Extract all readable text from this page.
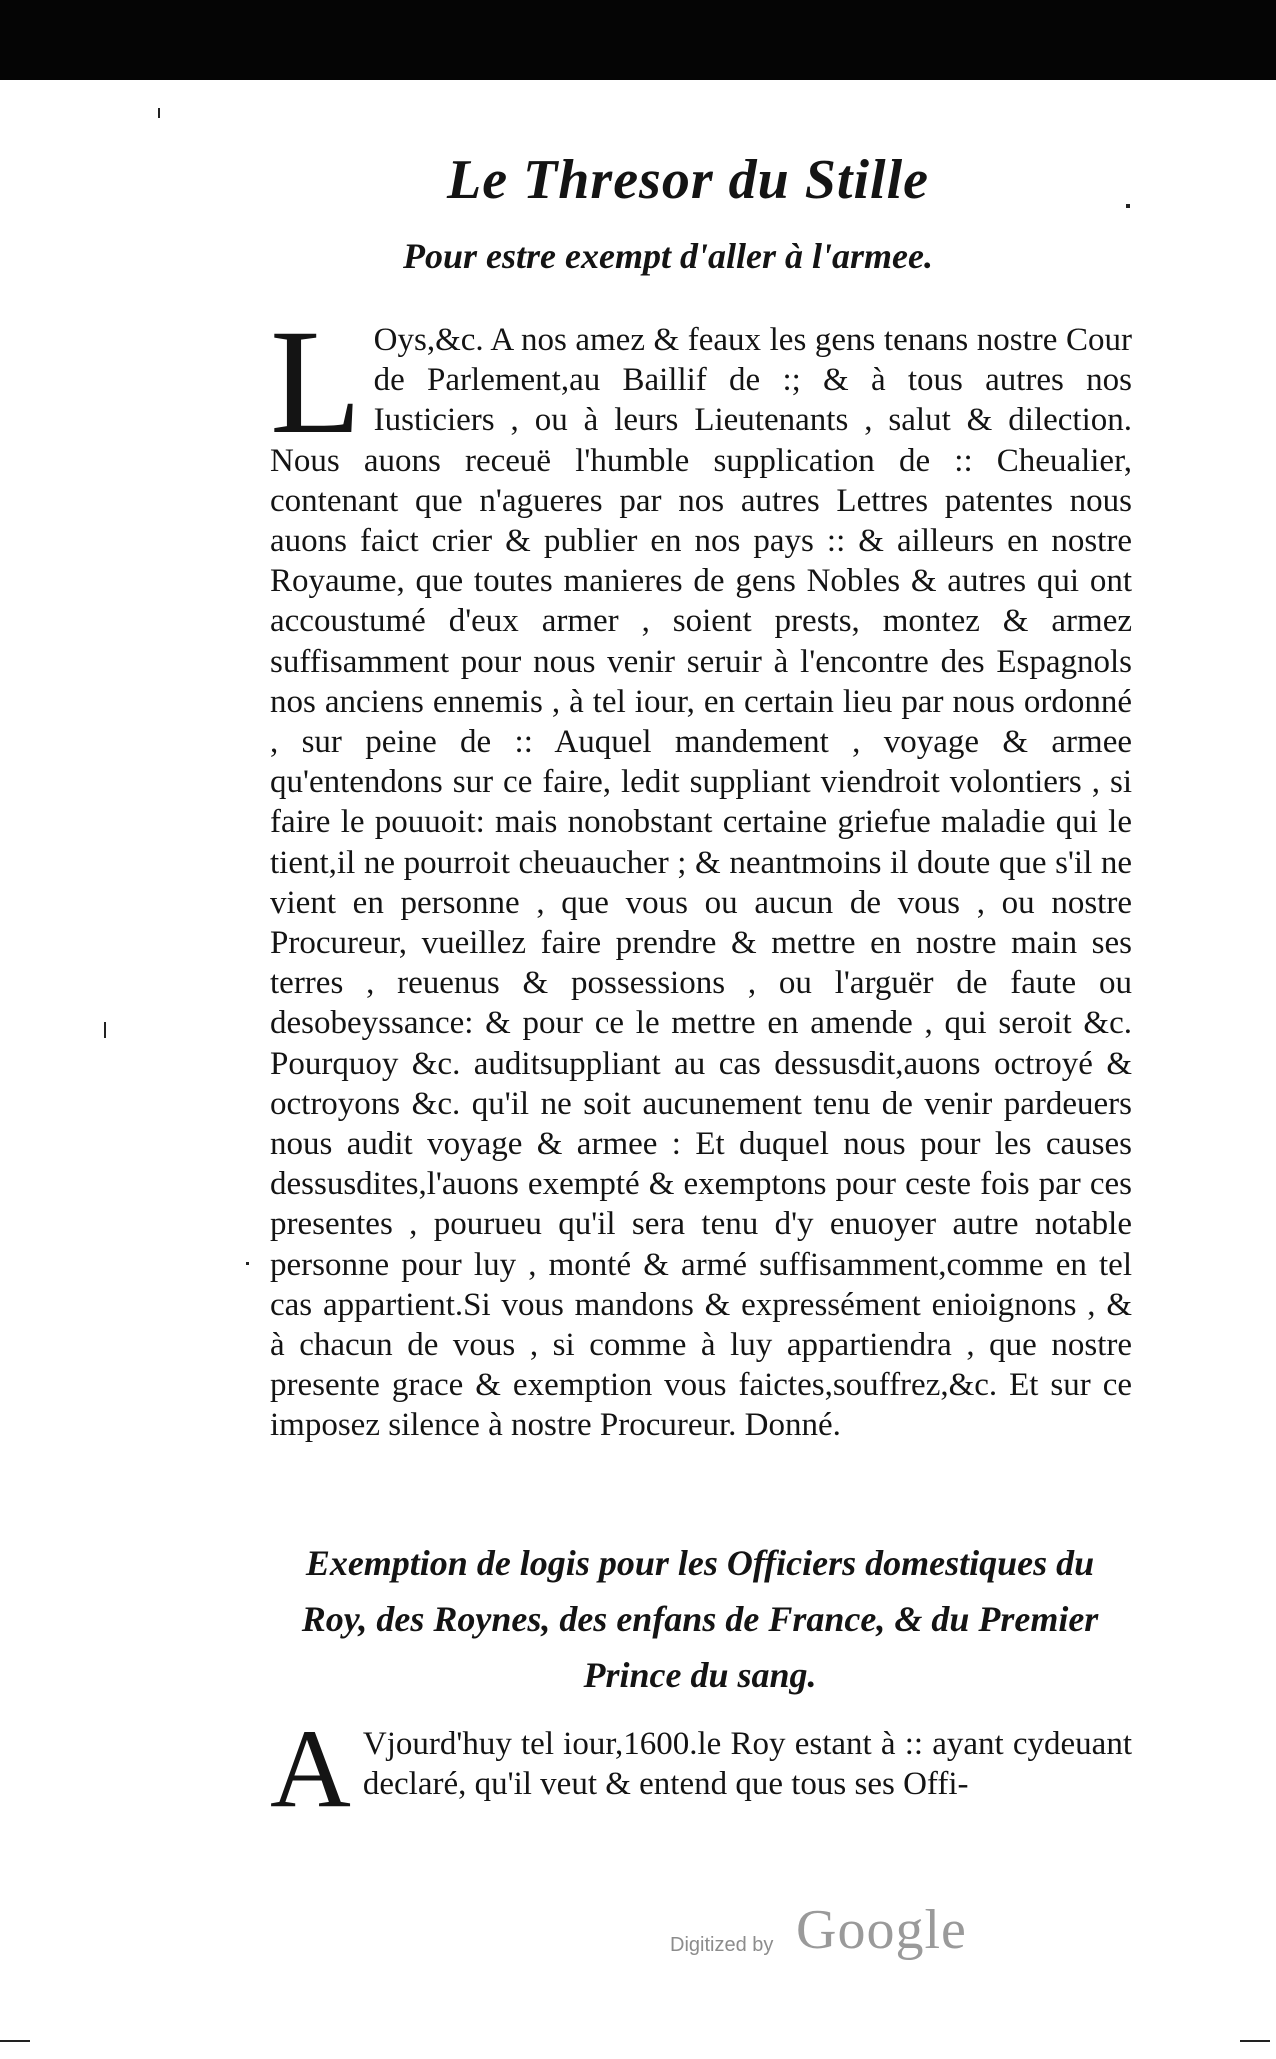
Le Thresor du Stille
Pour estre exempt d'aller à l'armee.
L Oys,&c. A nos amez & feaux les gens tenans nostre Cour de Parlement,au Baillif de :; & à tous autres nos Iusticiers , ou à leurs Lieutenants , salut & dilection. Nous auons receuë l'humble supplication de :: Cheualier, contenant que n'agueres par nos autres Lettres patentes nous auons faict crier & publier en nos pays :: & ailleurs en nostre Royaume, que toutes manieres de gens Nobles & autres qui ont accoustumé d'eux armer , soient prests, montez & armez suffisamment pour nous venir seruir à l'encontre des Espagnols nos anciens ennemis , à tel iour, en certain lieu par nous ordonné , sur peine de :: Auquel mandement , voyage & armee qu'entendons sur ce faire, ledit suppliant viendroit volontiers , si faire le pouuoit: mais nonobstant certaine griefue maladie qui le tient,il ne pourroit cheuaucher ; & neantmoins il doute que s'il ne vient en personne , que vous ou aucun de vous , ou nostre Procureur, vueillez faire prendre & mettre en nostre main ses terres , reuenus & possessions , ou l'arguër de faute ou desobeyssance: & pour ce le mettre en amende , qui seroit &c. Pourquoy &c. auditsuppliant au cas dessusdit,auons octroyé & octroyons &c. qu'il ne soit aucunement tenu de venir pardeuers nous audit voyage & armee : Et duquel nous pour les causes dessusdites,l'auons exempté & exemptons pour ceste fois par ces presentes , pourueu qu'il sera tenu d'y enuoyer autre notable personne pour luy , monté & armé suffisamment,comme en tel cas appartient.Si vous mandons & expressément enioignons , & à chacun de vous , si comme à luy appartiendra , que nostre presente grace & exemption vous faictes,souffrez,&c. Et sur ce imposez silence à nostre Procureur. Donné.
Exemption de logis pour les Officiers domestiques du Roy, des Roynes, des enfans de France, & du Premier Prince du sang.
A Vjourd'huy tel iour,1600.le Roy estant à :: ayant cydeuant declaré, qu'il veut & entend que tous ses Offi-
Digitized by Google
